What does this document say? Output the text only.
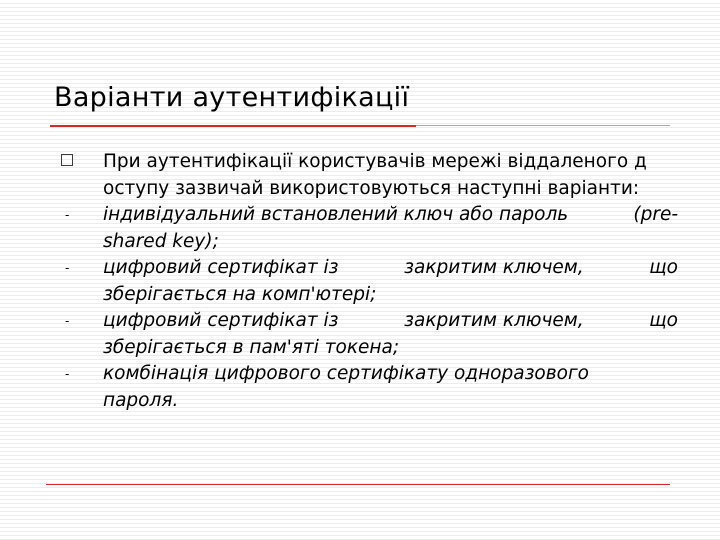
Варіанти аутентифікації
При аутентифікації користувачів мережі віддаленого д
оступу зазвичай використовуються наступні варіанти:
- індивідуальний встановлений ключ або пароль	(pre-
shared key);
- цифровий сертифікат із	закритим ключем,	що
зберігається на комп'ютері;
- цифровий сертифікат із	закритим ключем,	що
зберігається в пам'яті токена;
- комбінація цифрового сертифікату одноразового
пароля.
